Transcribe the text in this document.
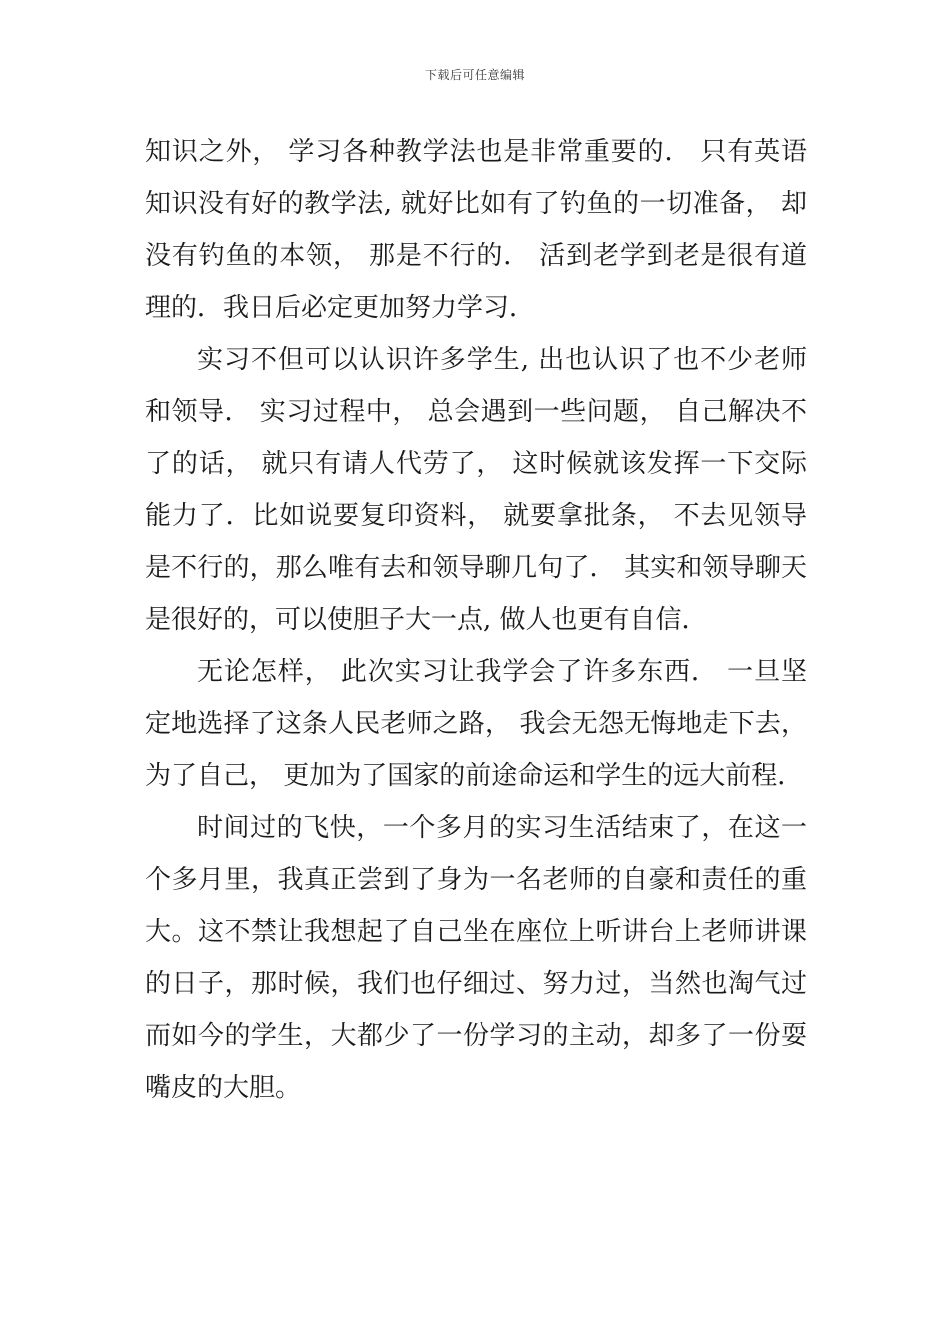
下载后可任意编辑

知识之外， 学习各种教学法也是非常重要的． 只有英语知识没有好的教学法, 就好比如有了钓鱼的一切准备， 却没有钓鱼的本领， 那是不行的． 活到老学到老是很有道理的．我日后必定更加努力学习．

实习不但可以认识许多学生, 出也认识了也不少老师和领导． 实习过程中， 总会遇到一些问题， 自己解决不了的话， 就只有请人代劳了， 这时候就该发挥一下交际能力了．比如说要复印资料， 就要拿批条， 不去见领导是不行的，那么唯有去和领导聊几句了． 其实和领导聊天是很好的，可以使胆子大一点, 做人也更有自信．

无论怎样， 此次实习让我学会了许多东西． 一旦坚定地选择了这条人民老师之路， 我会无怨无悔地走下去， 为了自己， 更加为了国家的前途命运和学生的远大前程．

时间过的飞快，一个多月的实习生活结束了，在这一个多月里，我真正尝到了身为一名老师的自豪和责任的重大。这不禁让我想起了自己坐在座位上听讲台上老师讲课的日子，那时候，我们也仔细过、努力过，当然也淘气过而如今的学生，大都少了一份学习的主动，却多了一份耍嘴皮的大胆。
